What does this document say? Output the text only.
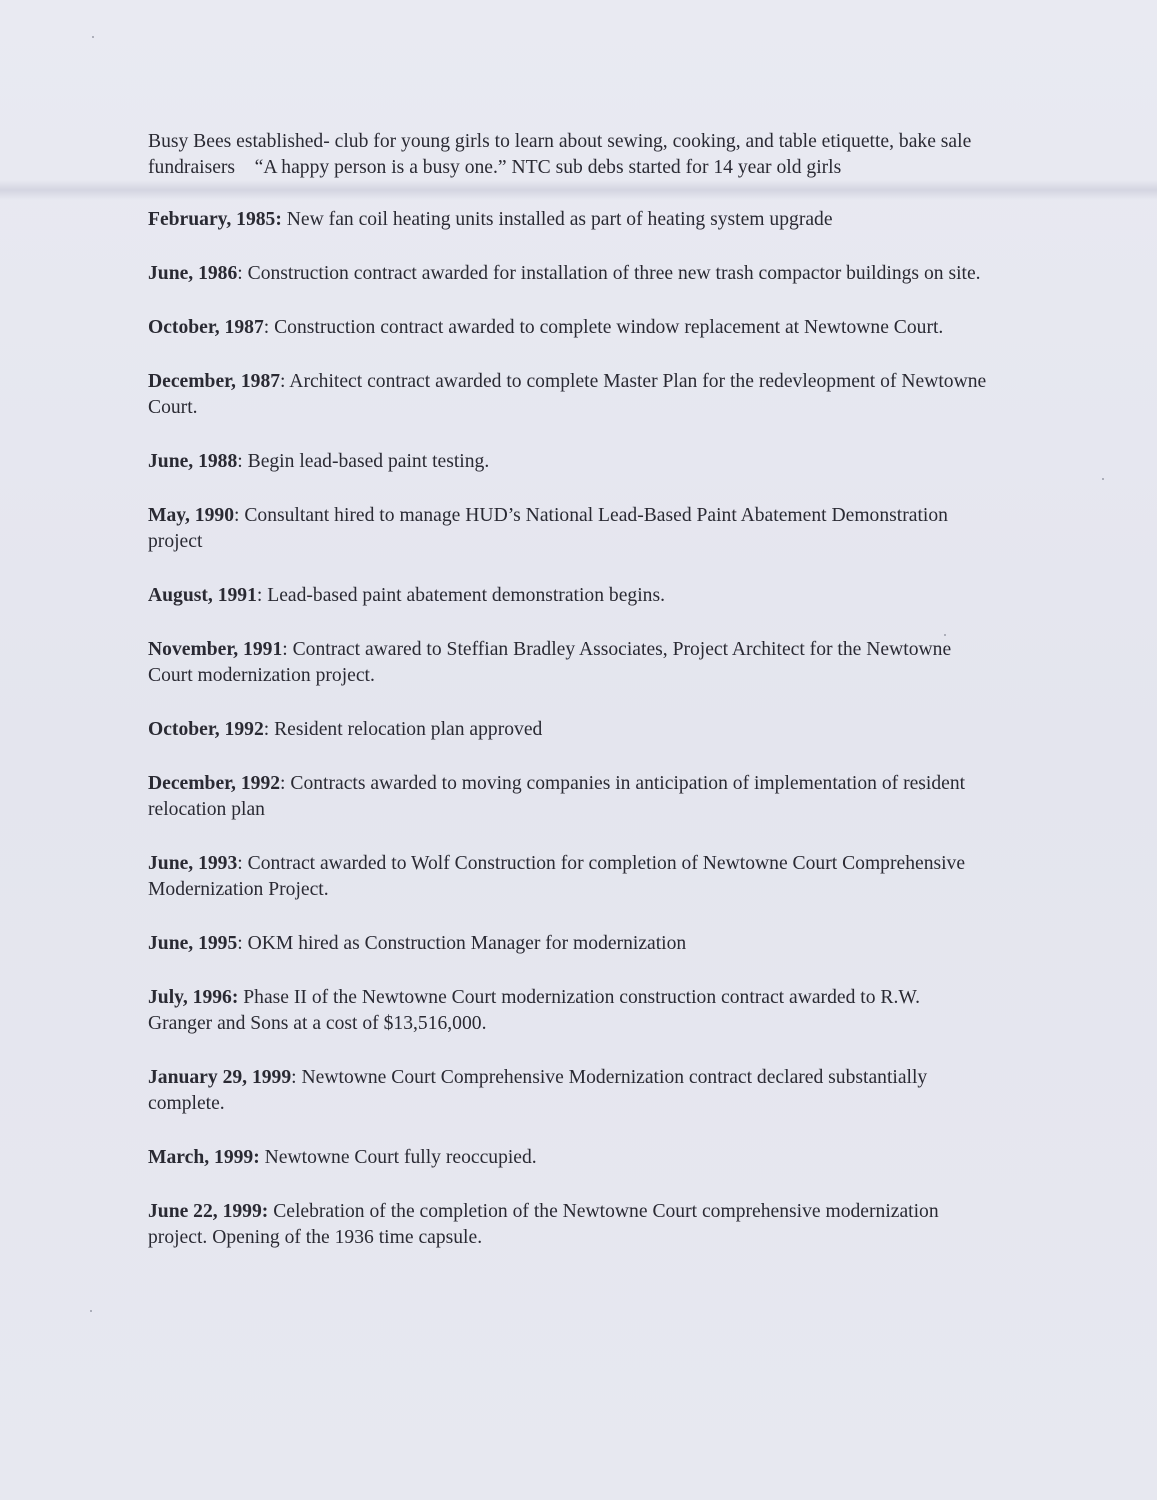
Busy Bees established- club for young girls to learn about sewing, cooking, and table etiquette, bake sale fundraisers    “A happy person is a busy one.” NTC sub debs started for 14 year old girls

February, 1985: New fan coil heating units installed as part of heating system upgrade

June, 1986: Construction contract awarded for installation of three new trash compactor buildings on site.

October, 1987: Construction contract awarded to complete window replacement at Newtowne Court.

December, 1987: Architect contract awarded to complete Master Plan for the redevleopment of Newtowne Court.

June, 1988: Begin lead-based paint testing.

May, 1990: Consultant hired to manage HUD’s National Lead-Based Paint Abatement Demonstration project

August, 1991: Lead-based paint abatement demonstration begins.

November, 1991: Contract awared to Steffian Bradley Associates, Project Architect for the Newtowne Court modernization project.

October, 1992: Resident relocation plan approved

December, 1992: Contracts awarded to moving companies in anticipation of implementation of resident relocation plan

June, 1993: Contract awarded to Wolf Construction for completion of Newtowne Court Comprehensive Modernization Project.

June, 1995: OKM hired as Construction Manager for modernization

July, 1996: Phase II of the Newtowne Court modernization construction contract awarded to R.W. Granger and Sons at a cost of $13,516,000.

January 29, 1999: Newtowne Court Comprehensive Modernization contract declared substantially complete.

March, 1999: Newtowne Court fully reoccupied.

June 22, 1999: Celebration of the completion of the Newtowne Court comprehensive modernization project. Opening of the 1936 time capsule.
